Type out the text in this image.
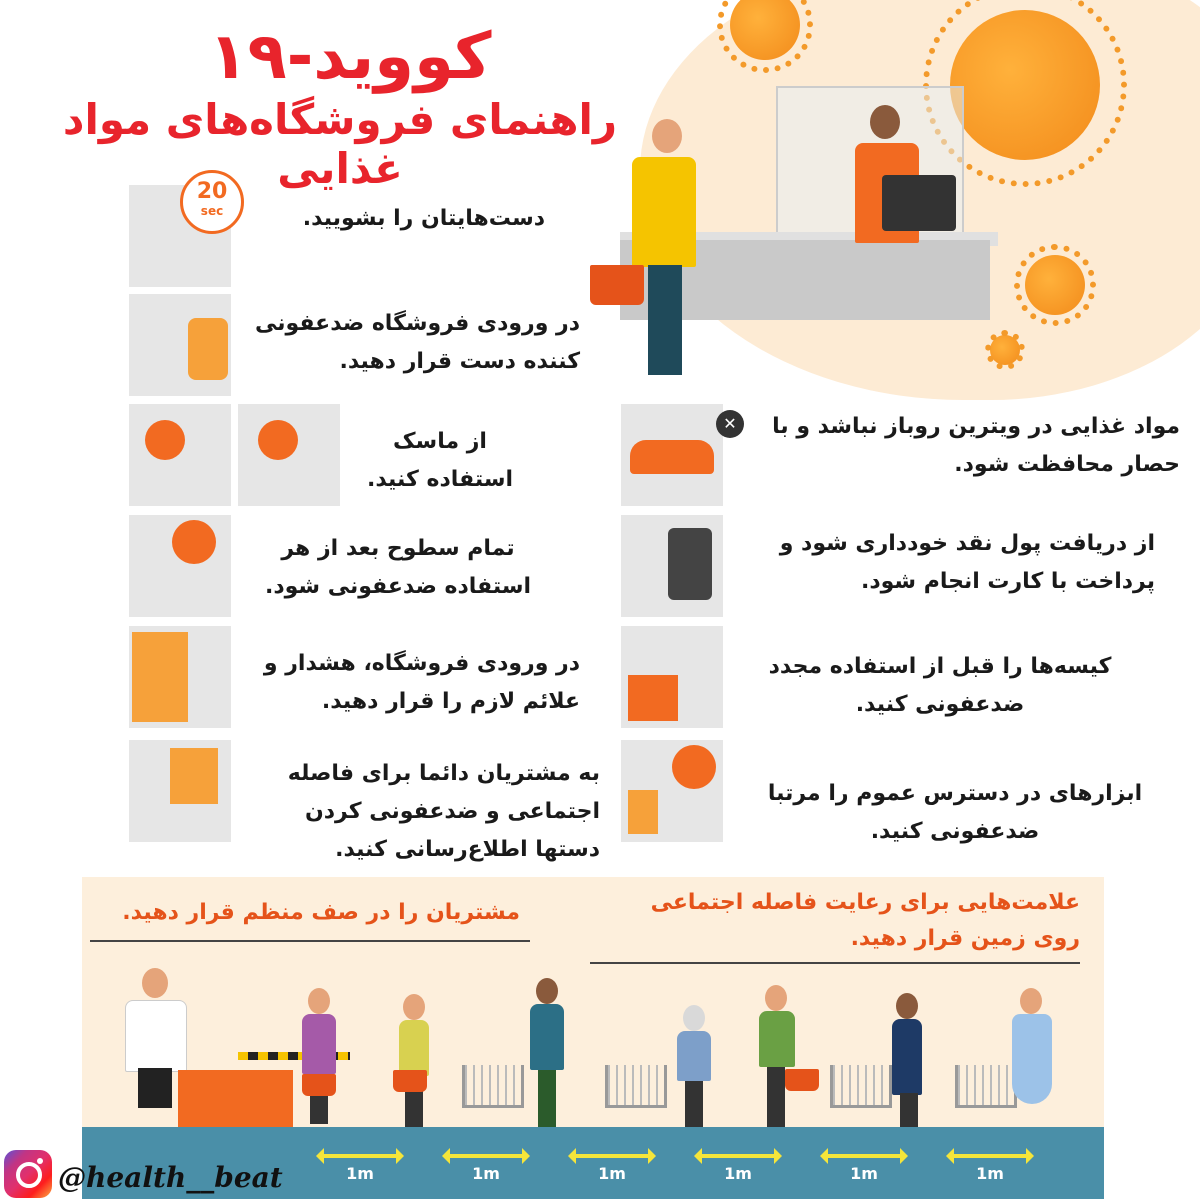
کووید-۱۹
راهنمای فروشگاه‌های مواد غذایی
20
sec	دست‌هایتان را بشویید.
در ورودی فروشگاه ضدعفونی
کننده دست قرار دهید.
از ماسک
استفاده کنید.
تمام سطوح بعد از هر
استفاده ضدعفونی شود.
در ورودی فروشگاه، هشدار و
علائم لازم را قرار دهید.
به مشتریان دائما برای فاصله
اجتماعی و ضدعفونی کردن
دستها اطلاع‌رسانی کنید.
✕	مواد غذایی در ویترین روباز نباشد و با
حصار محافظت شود.
از دریافت پول نقد خودداری شود و
پرداخت با کارت انجام شود.
کیسه‌ها را قبل از استفاده مجدد
ضدعفونی کنید.
ابزارهای در دسترس عموم را مرتبا
ضدعفونی کنید.
مشتریان را در صف منظم قرار دهید.	علامت‌هایی برای رعایت فاصله اجتماعی
روی زمین قرار دهید.
1m	1m	1m	1m	1m	1m
@health__beat
